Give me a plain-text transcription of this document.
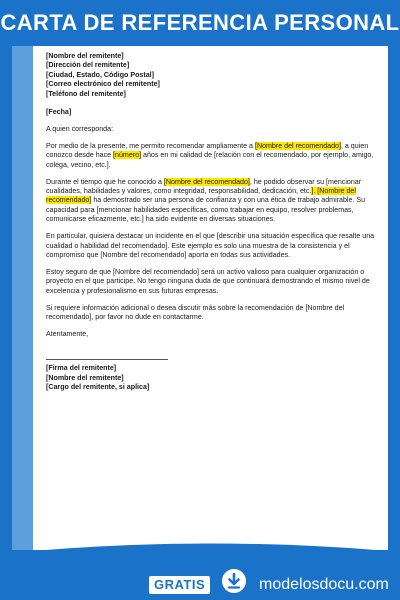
CARTA DE REFERENCIA PERSONAL
[Nombre del remitente]
[Dirección del remitente]
[Ciudad, Estado, Código Postal]
[Correo electrónico del remitente]
[Teléfono del remitente]

[Fecha]

A quien corresponda:

Por medio de la presente, me permito recomendar ampliamente a [Nombre del recomendado], a quien conozco desde hace [número] años en mi calidad de [relación con el recomendado, por ejemplo, amigo, colega, vecino, etc.].

Durante el tiempo que he conocido a [Nombre del recomendado], he podido observar su [mencionar cualidades, habilidades y valores, como integridad, responsabilidad, dedicación, etc.]. [Nombre del recomendado] ha demostrado ser una persona de confianza y con una ética de trabajo admirable. Su capacidad para [mencionar habilidades específicas, como trabajar en equipo, resolver problemas, comunicarse eficazmente, etc.] ha sido evidente en diversas situaciones.

En particular, quisiera destacar un incidente en el que [describir una situación específica que resalte una cualidad o habilidad del recomendado]. Este ejemplo es solo una muestra de la consistencia y el compromiso que [Nombre del recomendado] aporta en todas sus actividades.

Estoy seguro de que [Nombre del recomendado] será un activo valioso para cualquier organización o proyecto en el que participe. No tengo ninguna duda de que continuará demostrando el mismo nivel de excelencia y profesionalismo en sus futuras empresas.

Si requiere información adicional o desea discutir más sobre la recomendación de [Nombre del recomendado], por favor no dude en contactarme.

Atentamente,

[Firma del remitente]
[Nombre del remitente]
[Cargo del remitente, si aplica]
GRATIS	modelosdocu.com
